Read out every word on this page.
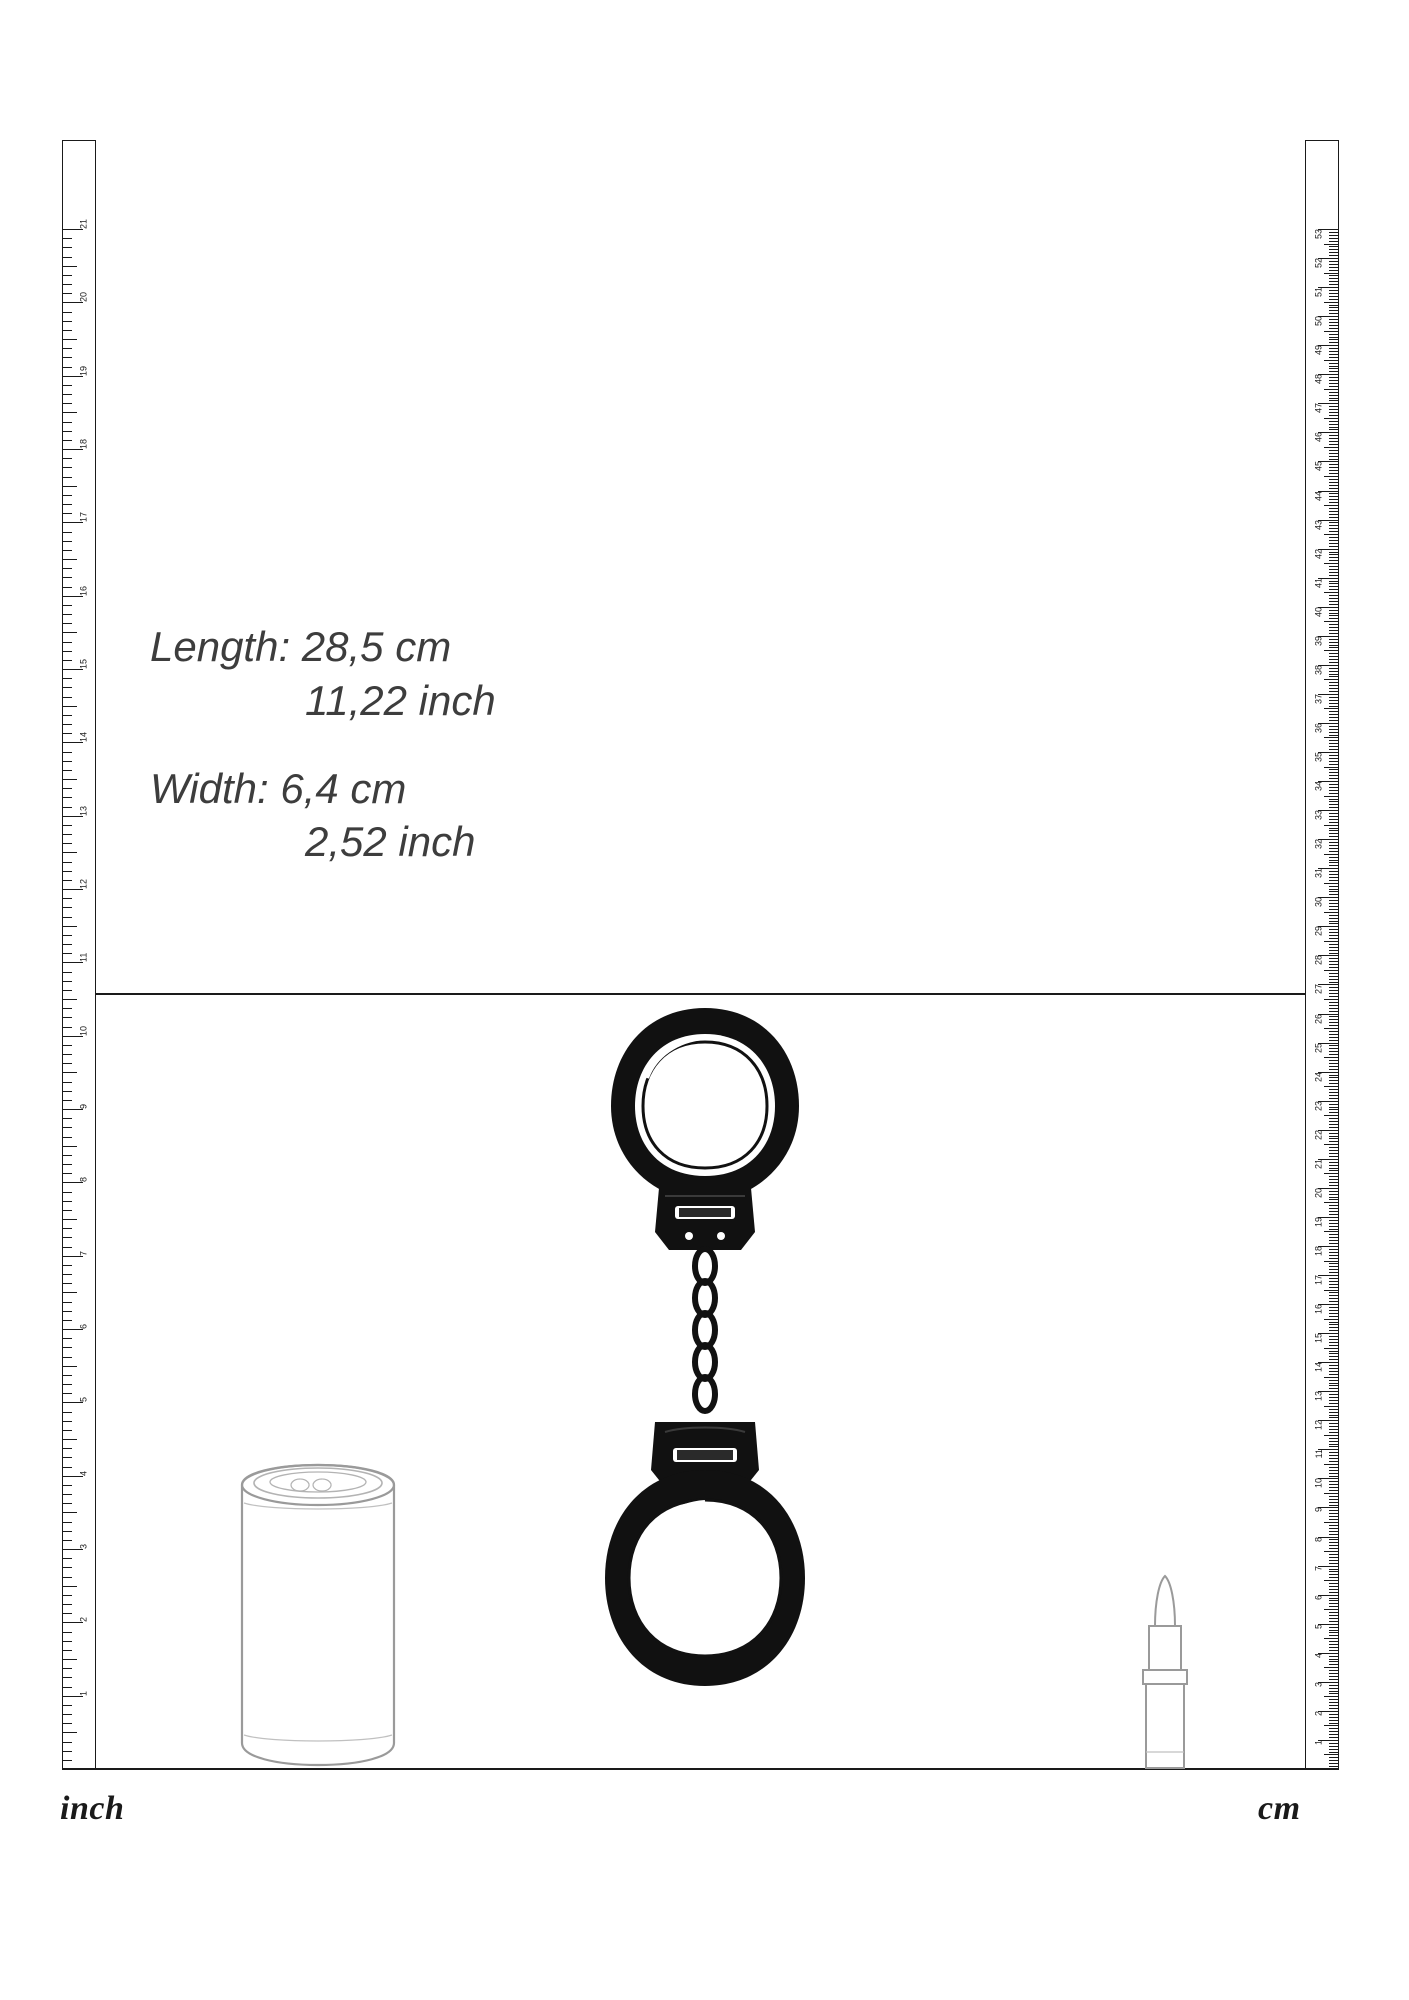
1
2
3
4
5
6
7
8
9
10
11
12
13
14
15
16
17
18
19
20
21
1
2
3
4
5
6
7
8
9
10
11
12
13
14
15
16
17
18
19
20
21
22
23
24
25
26
27
28
29
30
31
32
33
34
35
36
37
38
39
40
41
42
43
44
45
46
47
48
49
50
51
52
53
inch	cm
Length: 28,5 cm
11,22 inch
Width: 6,4 cm
2,52 inch
